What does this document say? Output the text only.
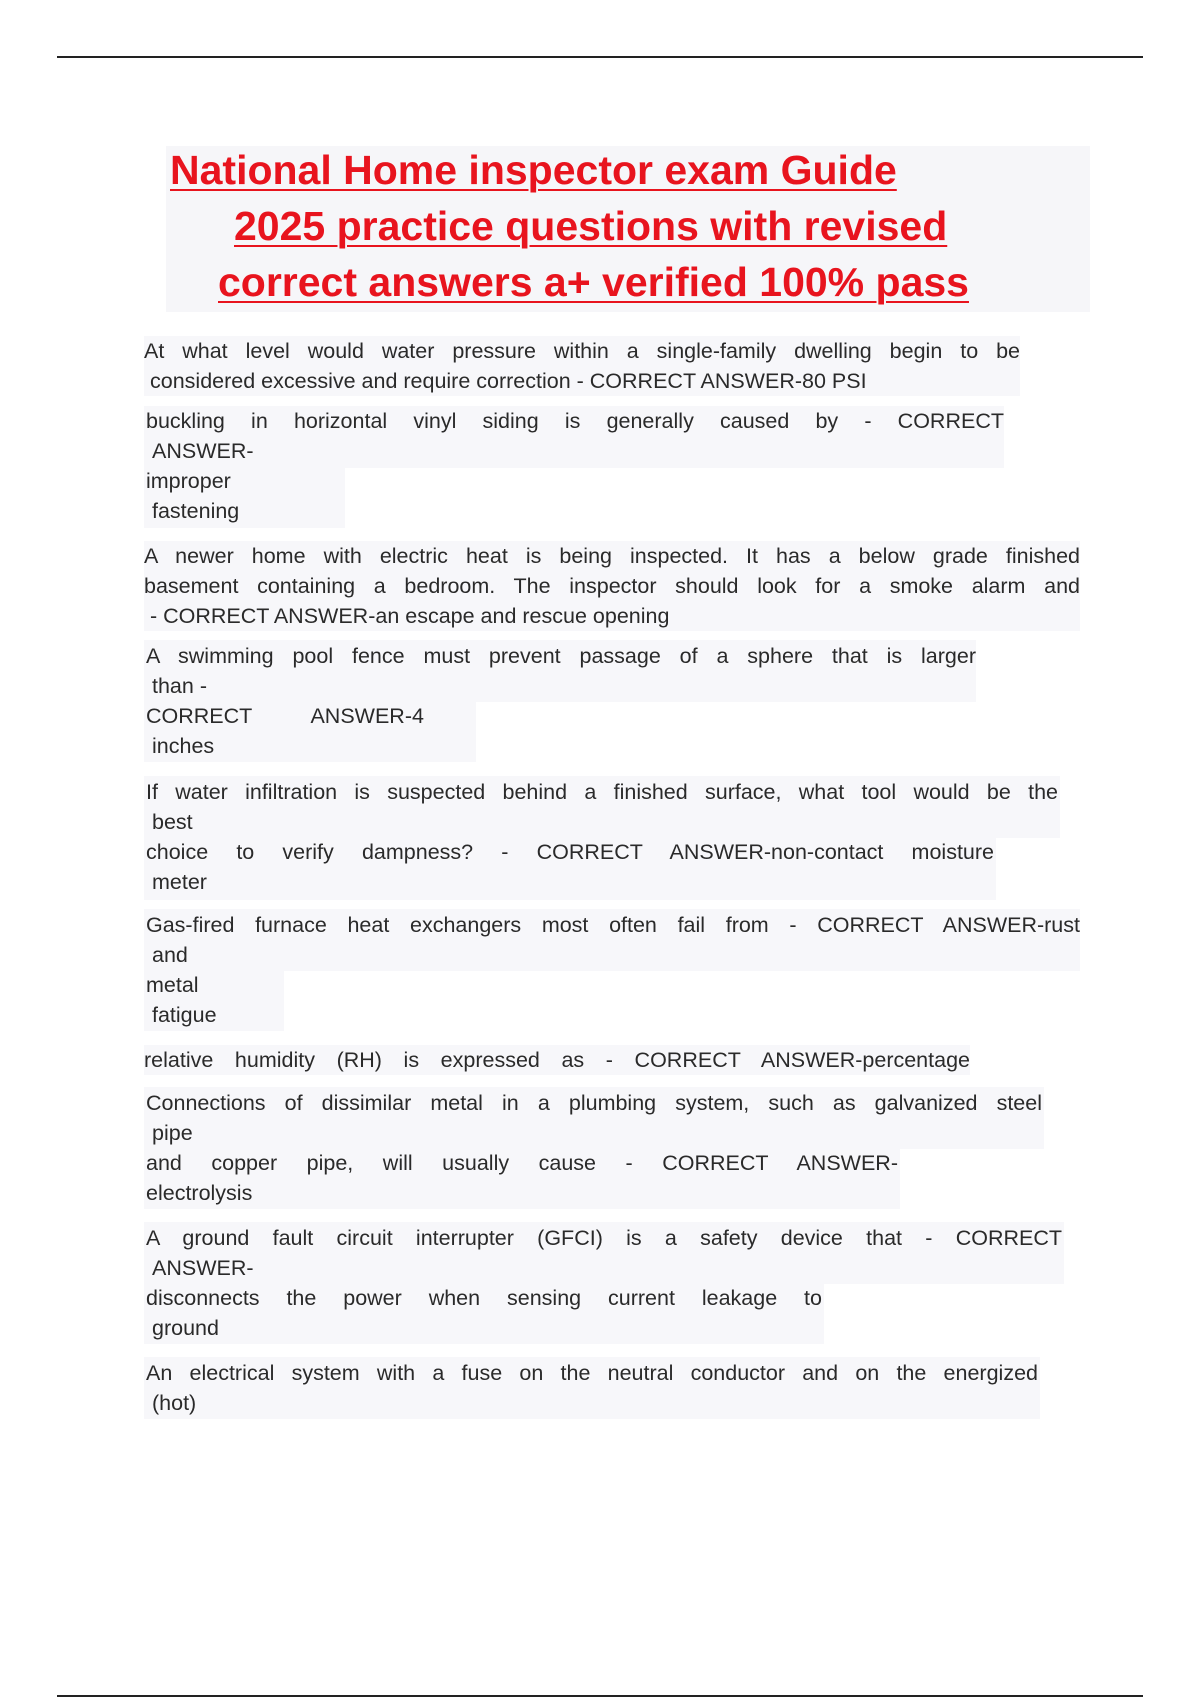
National Home inspector exam Guide
2025 practice questions with revised
correct answers a+ verified 100% pass
At what level would water pressure within a single-family dwelling begin to be
considered excessive and require correction - CORRECT ANSWER-80 PSI
buckling in horizontal vinyl siding is generally caused by - CORRECT
ANSWER-
improper
fastening
A newer home with electric heat is being inspected. It has a below grade finished
basement containing a bedroom. The inspector should look for a smoke alarm and
- CORRECT ANSWER-an escape and rescue opening
A swimming pool fence must prevent passage of a sphere that is larger
than -
CORRECT          ANSWER-4
inches
If water infiltration is suspected behind a finished surface, what tool would be the
best
choice to verify dampness? - CORRECT ANSWER-non-contact moisture
meter
Gas-fired furnace heat exchangers most often fail from - CORRECT ANSWER-rust
and
metal
fatigue
relative humidity (RH) is expressed as - CORRECT ANSWER-percentage
Connections of dissimilar metal in a plumbing system, such as galvanized steel
pipe
and copper pipe, will usually cause - CORRECT ANSWER-
electrolysis
A ground fault circuit interrupter (GFCI) is a safety device that - CORRECT
ANSWER-
disconnects the power when sensing current leakage to
ground
An electrical system with a fuse on the neutral conductor and on the energized
(hot)
